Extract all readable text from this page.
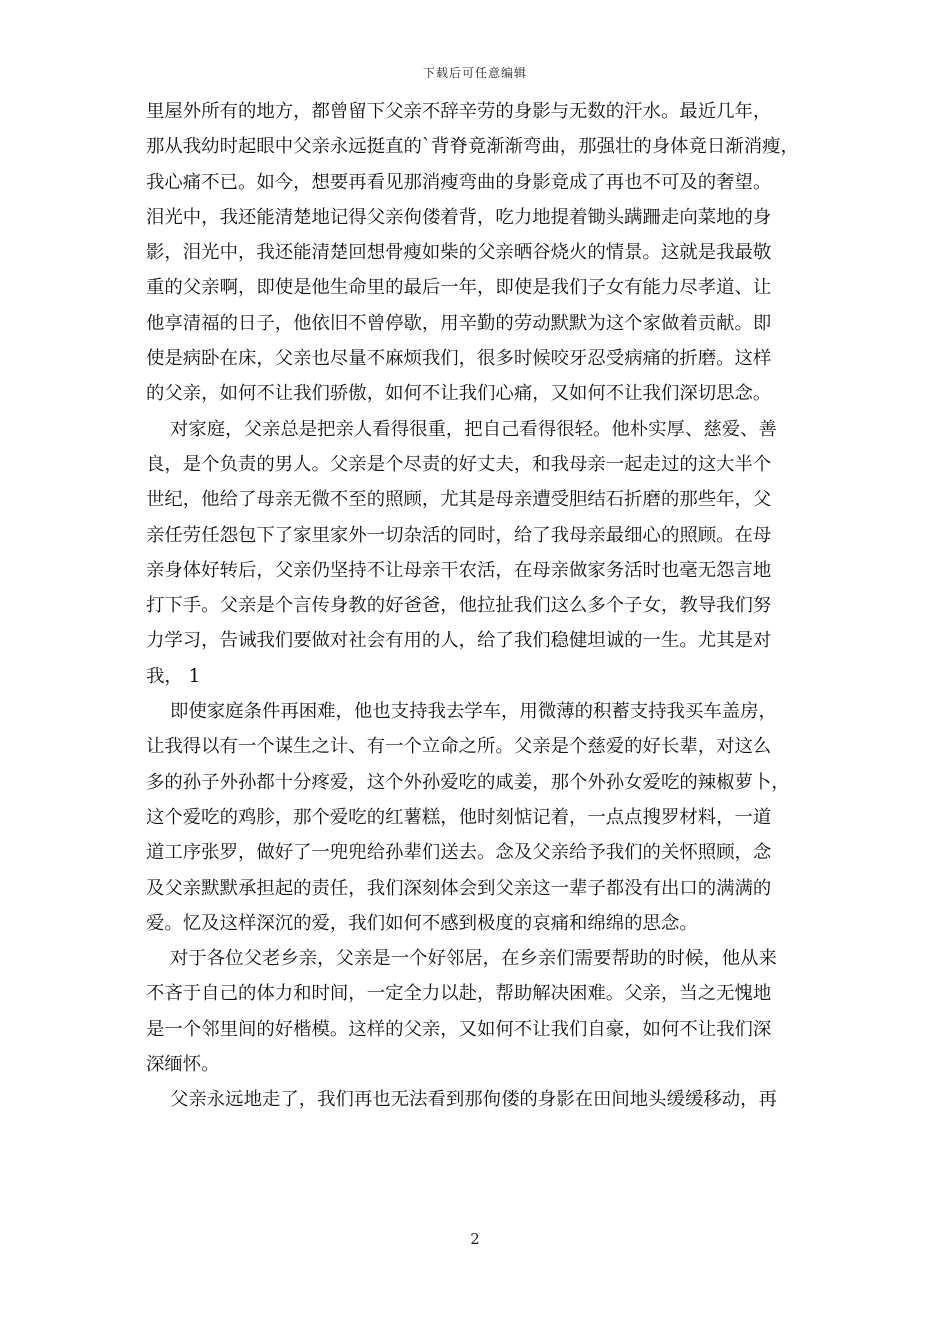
下载后可任意编辑
里屋外所有的地方，都曾留下父亲不辞辛劳的身影与无数的汗水。最近几年，
那从我幼时起眼中父亲永远挺直的`背脊竟渐渐弯曲，那强壮的身体竟日渐消瘦，
我心痛不已。如今，想要再看见那消瘦弯曲的身影竟成了再也不可及的奢望。
泪光中，我还能清楚地记得父亲佝偻着背，吃力地提着锄头蹒跚走向菜地的身
影，泪光中，我还能清楚回想骨瘦如柴的父亲晒谷烧火的情景。这就是我最敬
重的父亲啊，即使是他生命里的最后一年，即使是我们子女有能力尽孝道、让
他享清福的日子，他依旧不曾停歇，用辛勤的劳动默默为这个家做着贡献。即
使是病卧在床，父亲也尽量不麻烦我们，很多时候咬牙忍受病痛的折磨。这样
的父亲，如何不让我们骄傲，如何不让我们心痛，又如何不让我们深切思念。
对家庭，父亲总是把亲人看得很重，把自己看得很轻。他朴实厚、慈爱、善
良，是个负责的男人。父亲是个尽责的好丈夫，和我母亲一起走过的这大半个
世纪，他给了母亲无微不至的照顾，尤其是母亲遭受胆结石折磨的那些年，父
亲任劳任怨包下了家里家外一切杂活的同时，给了我母亲最细心的照顾。在母
亲身体好转后，父亲仍坚持不让母亲干农活，在母亲做家务活时也毫无怨言地
打下手。父亲是个言传身教的好爸爸，他拉扯我们这么多个子女，教导我们努
力学习，告诫我们要做对社会有用的人，给了我们稳健坦诚的一生。尤其是对
我， 1
即使家庭条件再困难，他也支持我去学车，用微薄的积蓄支持我买车盖房，
让我得以有一个谋生之计、有一个立命之所。父亲是个慈爱的好长辈，对这么
多的孙子外孙都十分疼爱，这个外孙爱吃的咸姜，那个外孙女爱吃的辣椒萝卜，
这个爱吃的鸡胗，那个爱吃的红薯糕，他时刻惦记着，一点点搜罗材料，一道
道工序张罗，做好了一兜兜给孙辈们送去。念及父亲给予我们的关怀照顾，念
及父亲默默承担起的责任，我们深刻体会到父亲这一辈子都没有出口的满满的
爱。忆及这样深沉的爱，我们如何不感到极度的哀痛和绵绵的思念。
对于各位父老乡亲，父亲是一个好邻居，在乡亲们需要帮助的时候，他从来
不吝于自己的体力和时间，一定全力以赴，帮助解决困难。父亲，当之无愧地
是一个邻里间的好楷模。这样的父亲，又如何不让我们自豪，如何不让我们深
深缅怀。
父亲永远地走了，我们再也无法看到那佝偻的身影在田间地头缓缓移动，再
2
